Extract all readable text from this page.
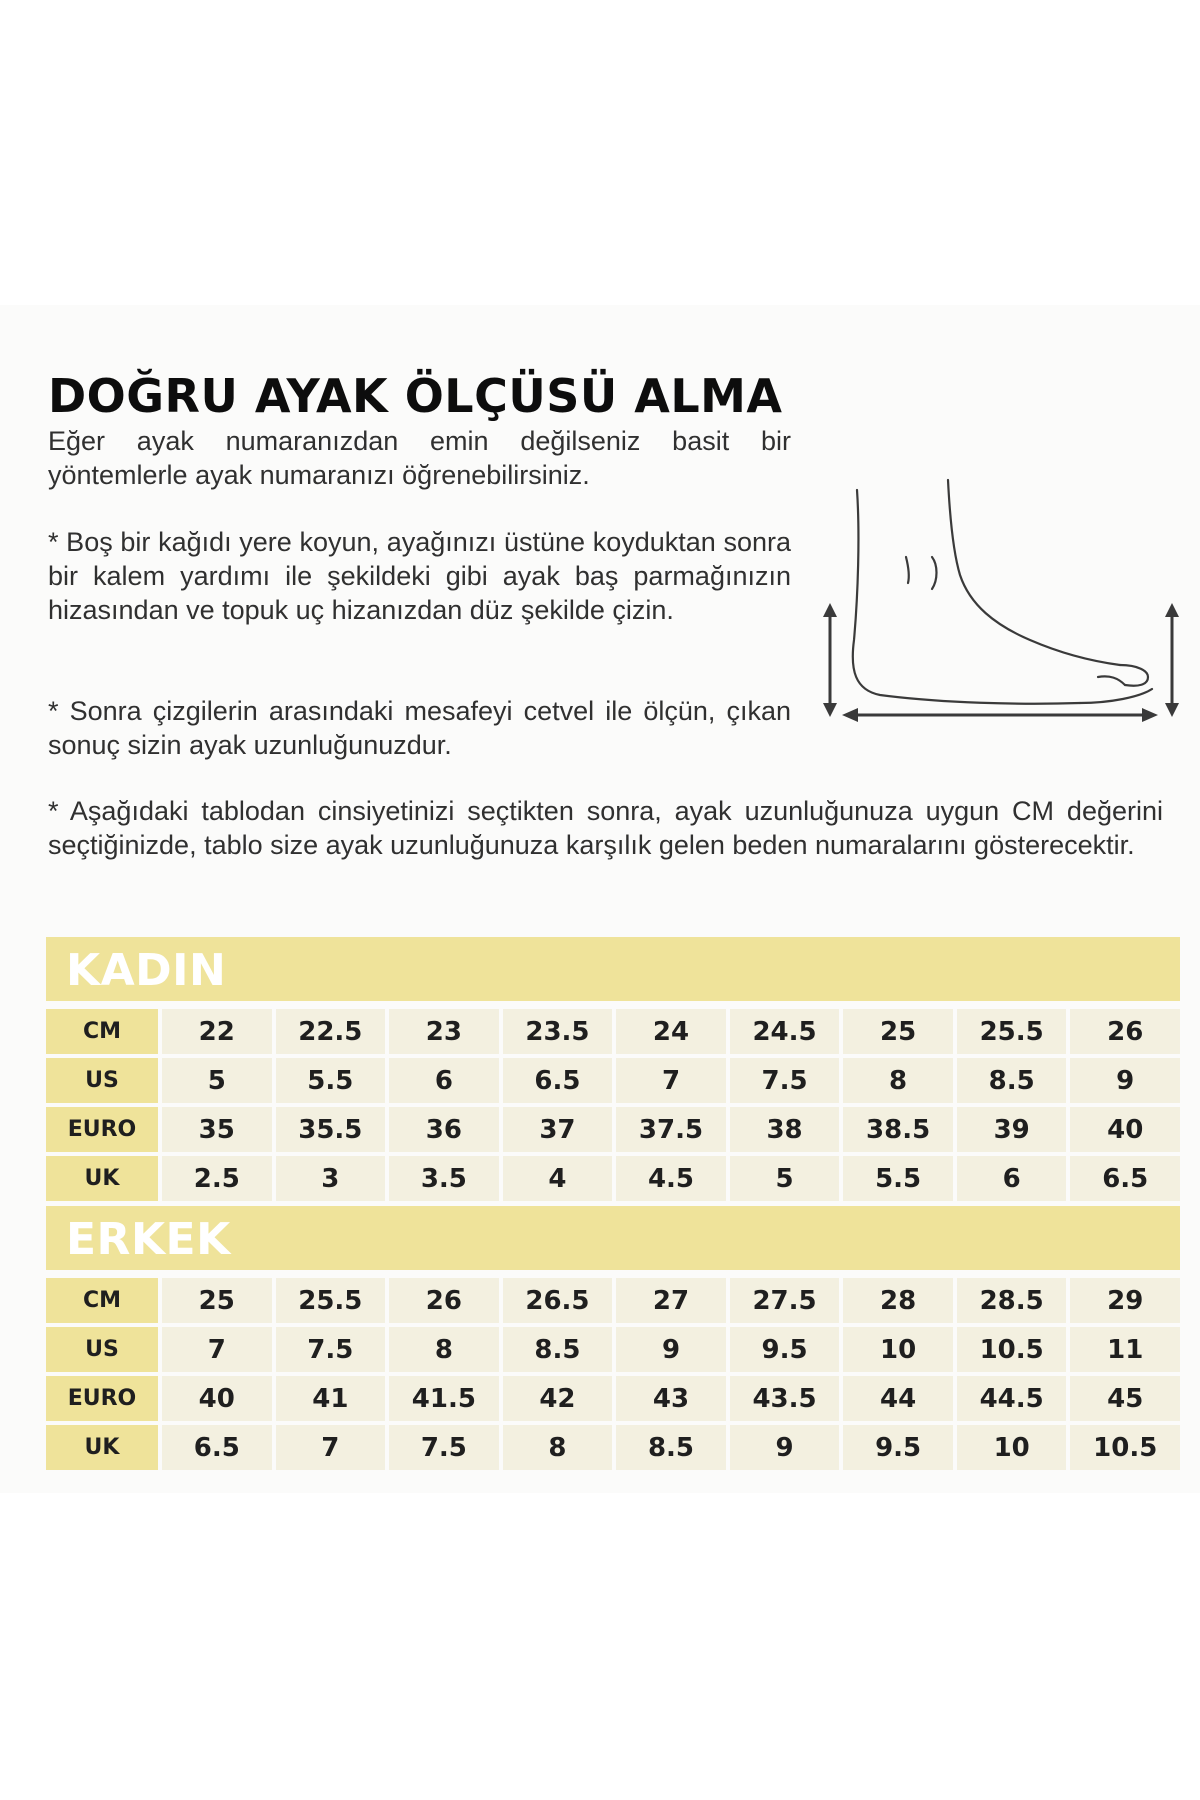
DOĞRU AYAK ÖLÇÜSÜ ALMA

Eğer ayak numaranızdan emin değilseniz basit bir yöntemlerle ayak numaranızı öğrenebilirsiniz.

* Boş bir kağıdı yere koyun, ayağınızı üstüne koyduktan sonra bir kalem yardımı ile şekildeki gibi ayak baş parmağınızın hizasından ve topuk uç hizanızdan düz şekilde çizin.

* Sonra çizgilerin arasındaki mesafeyi cetvel ile ölçün, çıkan sonuç sizin ayak uzunluğunuzdur.

* Aşağıdaki tablodan cinsiyetinizi seçtikten sonra, ayak uzunluğunuza uygun CM değerini seçtiğinizde, tablo size ayak uzunluğunuza karşılık gelen beden numaralarını gösterecektir.

KADIN
CM	22	22.5	23	23.5	24	24.5	25	25.5	26
US	5	5.5	6	6.5	7	7.5	8	8.5	9
EURO	35	35.5	36	37	37.5	38	38.5	39	40
UK	2.5	3	3.5	4	4.5	5	5.5	6	6.5
ERKEK
CM	25	25.5	26	26.5	27	27.5	28	28.5	29
US	7	7.5	8	8.5	9	9.5	10	10.5	11
EURO	40	41	41.5	42	43	43.5	44	44.5	45
UK	6.5	7	7.5	8	8.5	9	9.5	10	10.5
